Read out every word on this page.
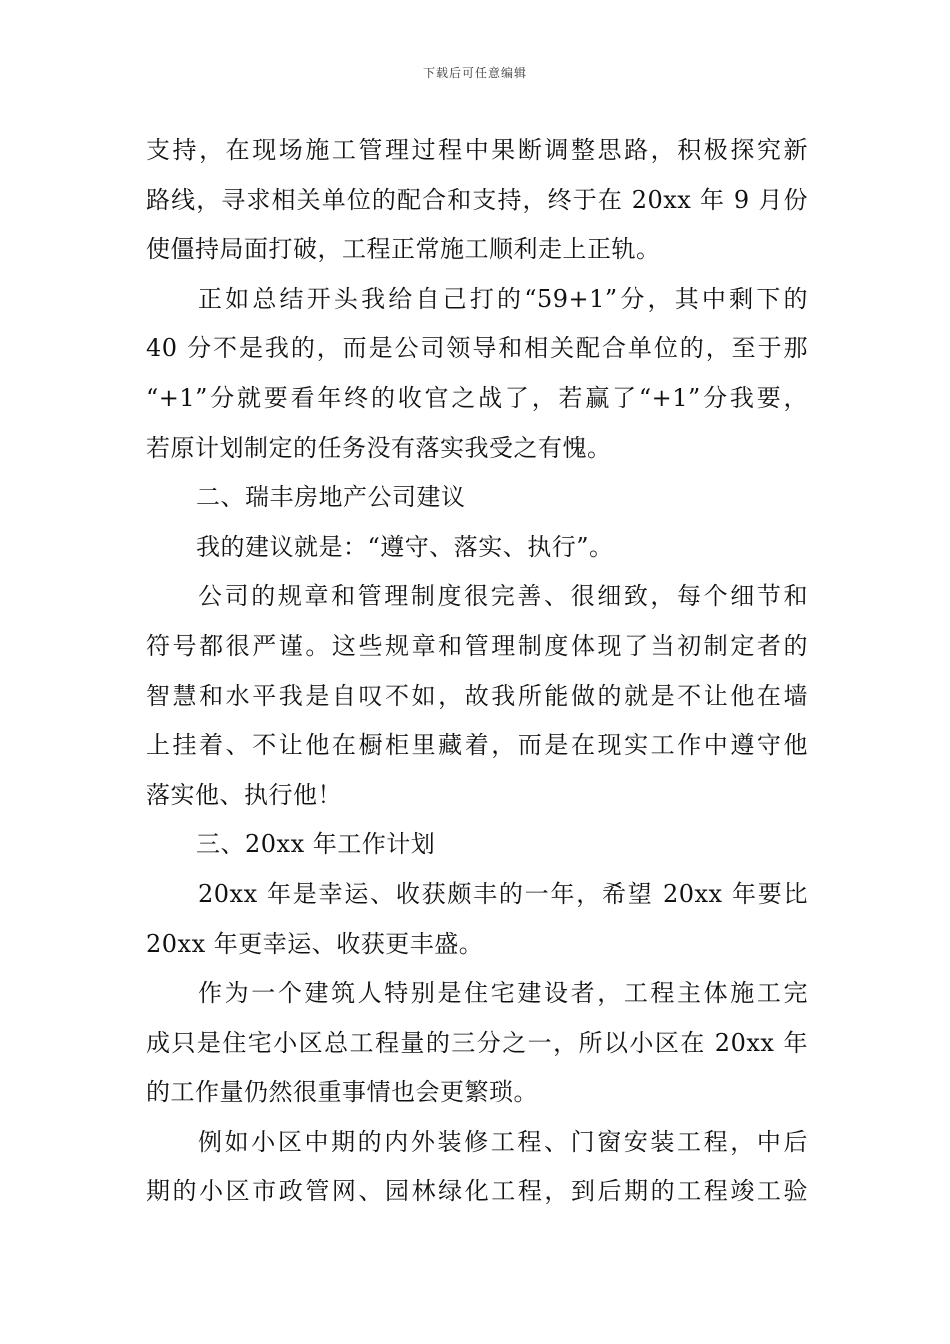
下载后可任意编辑
支持，在现场施工管理过程中果断调整思路，积极探究新
路线，寻求相关单位的配合和支持，终于在 20xx 年 9 月份
使僵持局面打破，工程正常施工顺利走上正轨。
正如总结开头我给自己打的“59+1”分，其中剩下的
40 分不是我的，而是公司领导和相关配合单位的，至于那
“+1”分就要看年终的收官之战了，若赢了“+1”分我要，
若原计划制定的任务没有落实我受之有愧。
二、瑞丰房地产公司建议
我的建议就是：“遵守、落实、执行”。
公司的规章和管理制度很完善、很细致，每个细节和
符号都很严谨。这些规章和管理制度体现了当初制定者的
智慧和水平我是自叹不如，故我所能做的就是不让他在墙
上挂着、不让他在橱柜里藏着，而是在现实工作中遵守他
落实他、执行他！
三、20xx 年工作计划
20xx 年是幸运、收获颇丰的一年，希望 20xx 年要比
20xx 年更幸运、收获更丰盛。
作为一个建筑人特别是住宅建设者，工程主体施工完
成只是住宅小区总工程量的三分之一，所以小区在 20xx 年
的工作量仍然很重事情也会更繁琐。
例如小区中期的内外装修工程、门窗安装工程，中后
期的小区市政管网、园林绿化工程，到后期的工程竣工验
